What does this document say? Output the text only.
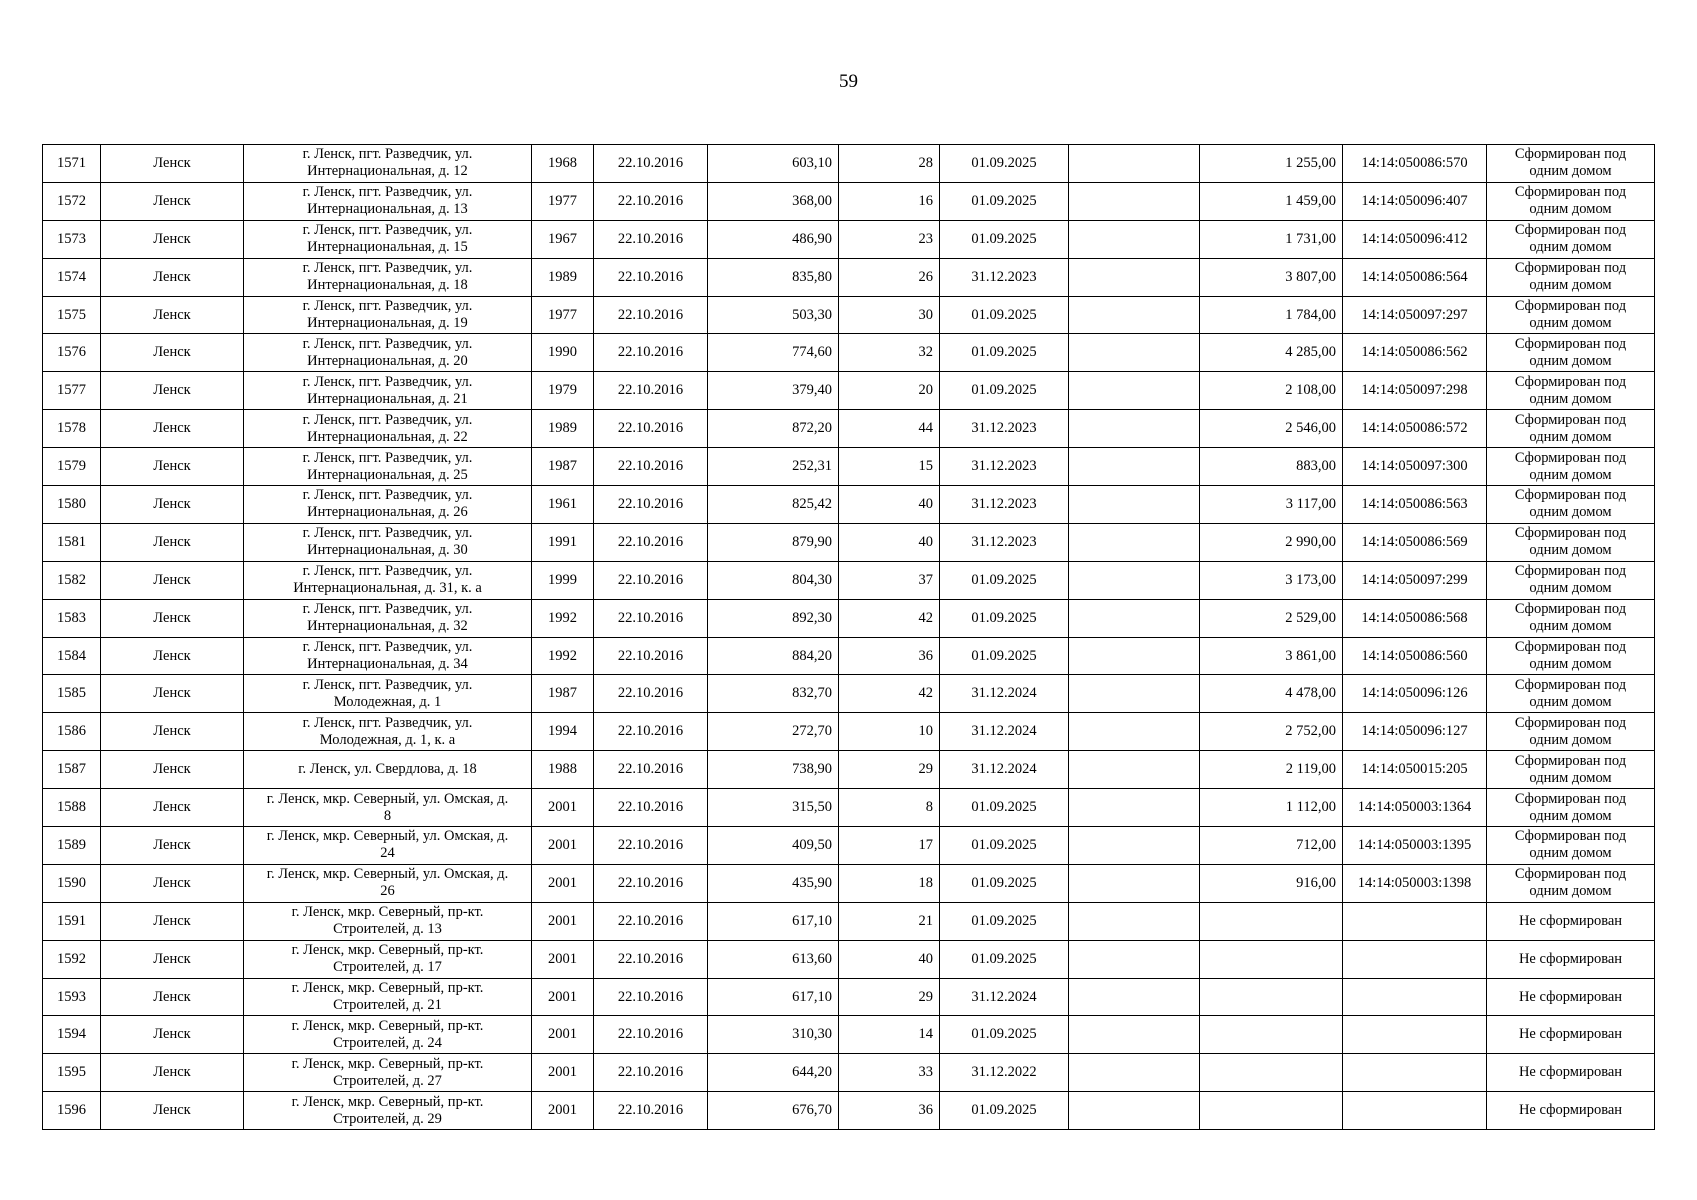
59
1571	Ленск	г. Ленск, пгт. Разведчик, ул.
Интернациональная, д. 12	1968	22.10.2016	603,10	28	01.09.2025		1 255,00	14:14:050086:570	Сформирован под
одним домом

1572	Ленск	г. Ленск, пгт. Разведчик, ул.
Интернациональная, д. 13	1977	22.10.2016	368,00	16	01.09.2025		1 459,00	14:14:050096:407	Сформирован под
одним домом

1573	Ленск	г. Ленск, пгт. Разведчик, ул.
Интернациональная, д. 15	1967	22.10.2016	486,90	23	01.09.2025		1 731,00	14:14:050096:412	Сформирован под
одним домом

1574	Ленск	г. Ленск, пгт. Разведчик, ул.
Интернациональная, д. 18	1989	22.10.2016	835,80	26	31.12.2023		3 807,00	14:14:050086:564	Сформирован под
одним домом

1575	Ленск	г. Ленск, пгт. Разведчик, ул.
Интернациональная, д. 19	1977	22.10.2016	503,30	30	01.09.2025		1 784,00	14:14:050097:297	Сформирован под
одним домом

1576	Ленск	г. Ленск, пгт. Разведчик, ул.
Интернациональная, д. 20	1990	22.10.2016	774,60	32	01.09.2025		4 285,00	14:14:050086:562	Сформирован под
одним домом

1577	Ленск	г. Ленск, пгт. Разведчик, ул.
Интернациональная, д. 21	1979	22.10.2016	379,40	20	01.09.2025		2 108,00	14:14:050097:298	Сформирован под
одним домом

1578	Ленск	г. Ленск, пгт. Разведчик, ул.
Интернациональная, д. 22	1989	22.10.2016	872,20	44	31.12.2023		2 546,00	14:14:050086:572	Сформирован под
одним домом

1579	Ленск	г. Ленск, пгт. Разведчик, ул.
Интернациональная, д. 25	1987	22.10.2016	252,31	15	31.12.2023		883,00	14:14:050097:300	Сформирован под
одним домом

1580	Ленск	г. Ленск, пгт. Разведчик, ул.
Интернациональная, д. 26	1961	22.10.2016	825,42	40	31.12.2023		3 117,00	14:14:050086:563	Сформирован под
одним домом

1581	Ленск	г. Ленск, пгт. Разведчик, ул.
Интернациональная, д. 30	1991	22.10.2016	879,90	40	31.12.2023		2 990,00	14:14:050086:569	Сформирован под
одним домом

1582	Ленск	г. Ленск, пгт. Разведчик, ул.
Интернациональная, д. 31, к. а	1999	22.10.2016	804,30	37	01.09.2025		3 173,00	14:14:050097:299	Сформирован под
одним домом

1583	Ленск	г. Ленск, пгт. Разведчик, ул.
Интернациональная, д. 32	1992	22.10.2016	892,30	42	01.09.2025		2 529,00	14:14:050086:568	Сформирован под
одним домом

1584	Ленск	г. Ленск, пгт. Разведчик, ул.
Интернациональная, д. 34	1992	22.10.2016	884,20	36	01.09.2025		3 861,00	14:14:050086:560	Сформирован под
одним домом

1585	Ленск	г. Ленск, пгт. Разведчик, ул.
Молодежная, д. 1	1987	22.10.2016	832,70	42	31.12.2024		4 478,00	14:14:050096:126	Сформирован под
одним домом

1586	Ленск	г. Ленск, пгт. Разведчик, ул.
Молодежная, д. 1, к. а	1994	22.10.2016	272,70	10	31.12.2024		2 752,00	14:14:050096:127	Сформирован под
одним домом

1587	Ленск	г. Ленск, ул. Свердлова, д. 18	1988	22.10.2016	738,90	29	31.12.2024		2 119,00	14:14:050015:205	Сформирован под
одним домом

1588	Ленск	г. Ленск, мкр. Северный, ул. Омская, д.
8	2001	22.10.2016	315,50	8	01.09.2025		1 112,00	14:14:050003:1364	Сформирован под
одним домом

1589	Ленск	г. Ленск, мкр. Северный, ул. Омская, д.
24	2001	22.10.2016	409,50	17	01.09.2025		712,00	14:14:050003:1395	Сформирован под
одним домом

1590	Ленск	г. Ленск, мкр. Северный, ул. Омская, д.
26	2001	22.10.2016	435,90	18	01.09.2025		916,00	14:14:050003:1398	Сформирован под
одним домом

1591	Ленск	г. Ленск, мкр. Северный, пр-кт.
Строителей, д. 13	2001	22.10.2016	617,10	21	01.09.2025				Не сформирован

1592	Ленск	г. Ленск, мкр. Северный, пр-кт.
Строителей, д. 17	2001	22.10.2016	613,60	40	01.09.2025				Не сформирован

1593	Ленск	г. Ленск, мкр. Северный, пр-кт.
Строителей, д. 21	2001	22.10.2016	617,10	29	31.12.2024				Не сформирован

1594	Ленск	г. Ленск, мкр. Северный, пр-кт.
Строителей, д. 24	2001	22.10.2016	310,30	14	01.09.2025				Не сформирован

1595	Ленск	г. Ленск, мкр. Северный, пр-кт.
Строителей, д. 27	2001	22.10.2016	644,20	33	31.12.2022				Не сформирован

1596	Ленск	г. Ленск, мкр. Северный, пр-кт.
Строителей, д. 29	2001	22.10.2016	676,70	36	01.09.2025				Не сформирован
